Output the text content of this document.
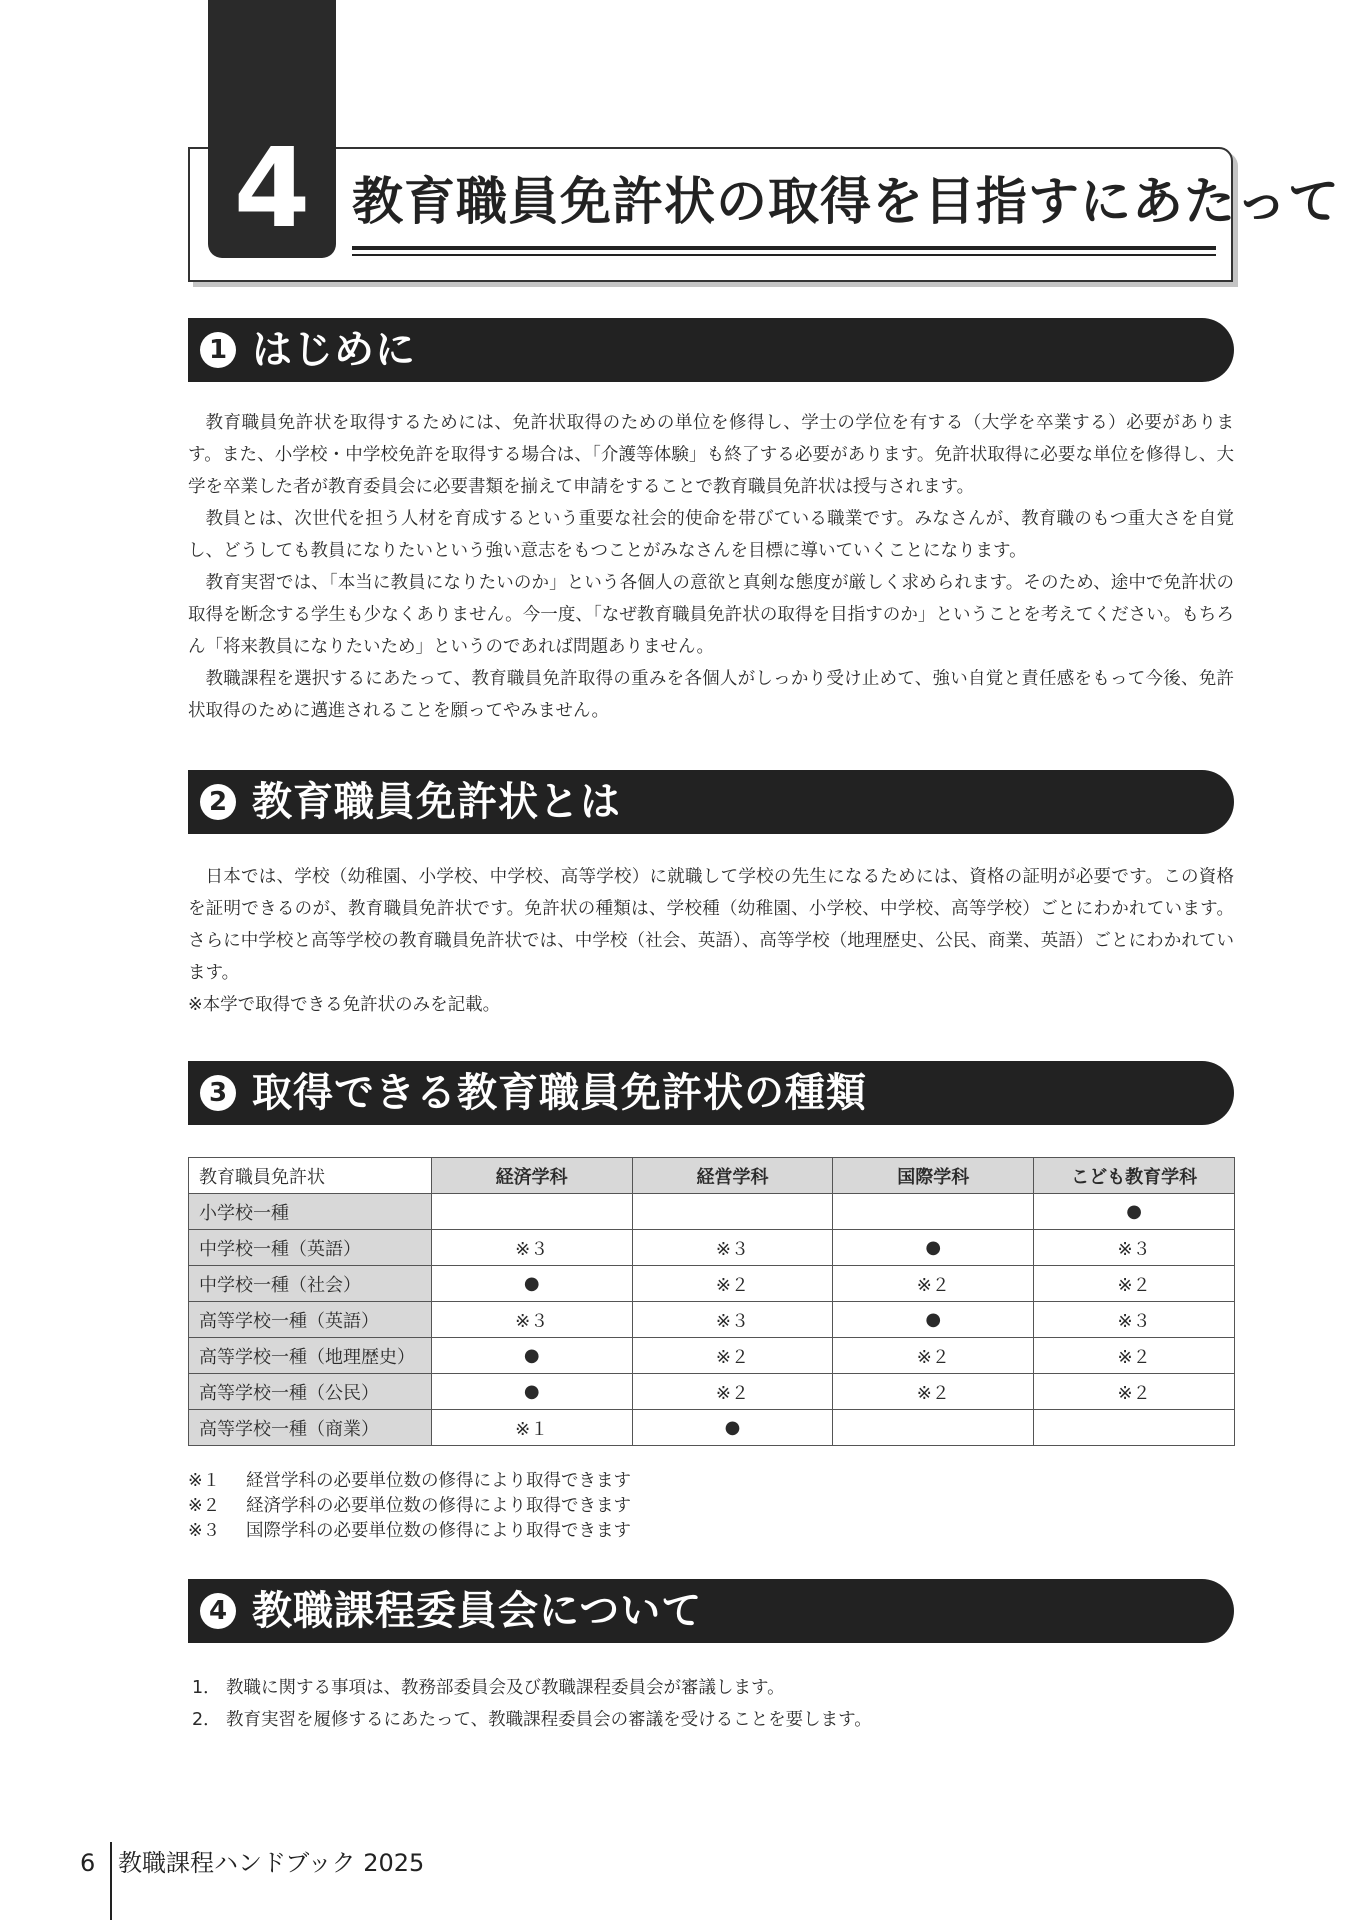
4 教育職員免許状の取得を目指すにあたって
1 はじめに

教育職員免許状を取得するためには、免許状取得のための単位を修得し、学士の学位を有する（大学を卒業する）必要があります。また、小学校・中学校免許を取得する場合は、「介護等体験」も終了する必要があります。免許状取得に必要な単位を修得し、大学を卒業した者が教育委員会に必要書類を揃えて申請をすることで教育職員免許状は授与されます。

教員とは、次世代を担う人材を育成するという重要な社会的使命を帯びている職業です。みなさんが、教育職のもつ重大さを自覚し、どうしても教員になりたいという強い意志をもつことがみなさんを目標に導いていくことになります。

教育実習では、「本当に教員になりたいのか」という各個人の意欲と真剣な態度が厳しく求められます。そのため、途中で免許状の取得を断念する学生も少なくありません。今一度、「なぜ教育職員免許状の取得を目指すのか」ということを考えてください。もちろん「将来教員になりたいため」というのであれば問題ありません。

教職課程を選択するにあたって、教育職員免許取得の重みを各個人がしっかり受け止めて、強い自覚と責任感をもって今後、免許状取得のために邁進されることを願ってやみません。

2 教育職員免許状とは

日本では、学校（幼稚園、小学校、中学校、高等学校）に就職して学校の先生になるためには、資格の証明が必要です。この資格を証明できるのが、教育職員免許状です。免許状の種類は、学校種（幼稚園、小学校、中学校、高等学校）ごとにわかれています。さらに中学校と高等学校の教育職員免許状では、中学校（社会、英語）、高等学校（地理歴史、公民、商業、英語）ごとにわかれています。

※本学で取得できる免許状のみを記載。

3 取得できる教育職員免許状の種類
教育職員免許状	経済学科	経営学科	国際学科	こども教育学科
小学校一種				●
中学校一種（英語）	※３	※３	●	※３
中学校一種（社会）	●	※２	※２	※２
高等学校一種（英語）	※３	※３	●	※３
高等学校一種（地理歴史）	●	※２	※２	※２
高等学校一種（公民）	●	※２	※２	※２
高等学校一種（商業）	※１	●		
※１ 経営学科の必要単位数の修得により取得できます
※２ 経済学科の必要単位数の修得により取得できます
※３ 国際学科の必要単位数の修得により取得できます
4 教職課程委員会について
1． 教職に関する事項は、教務部委員会及び教職課程委員会が審議します。
2． 教育実習を履修するにあたって、教職課程委員会の審議を受けることを要します。
6 教職課程ハンドブック 2025
